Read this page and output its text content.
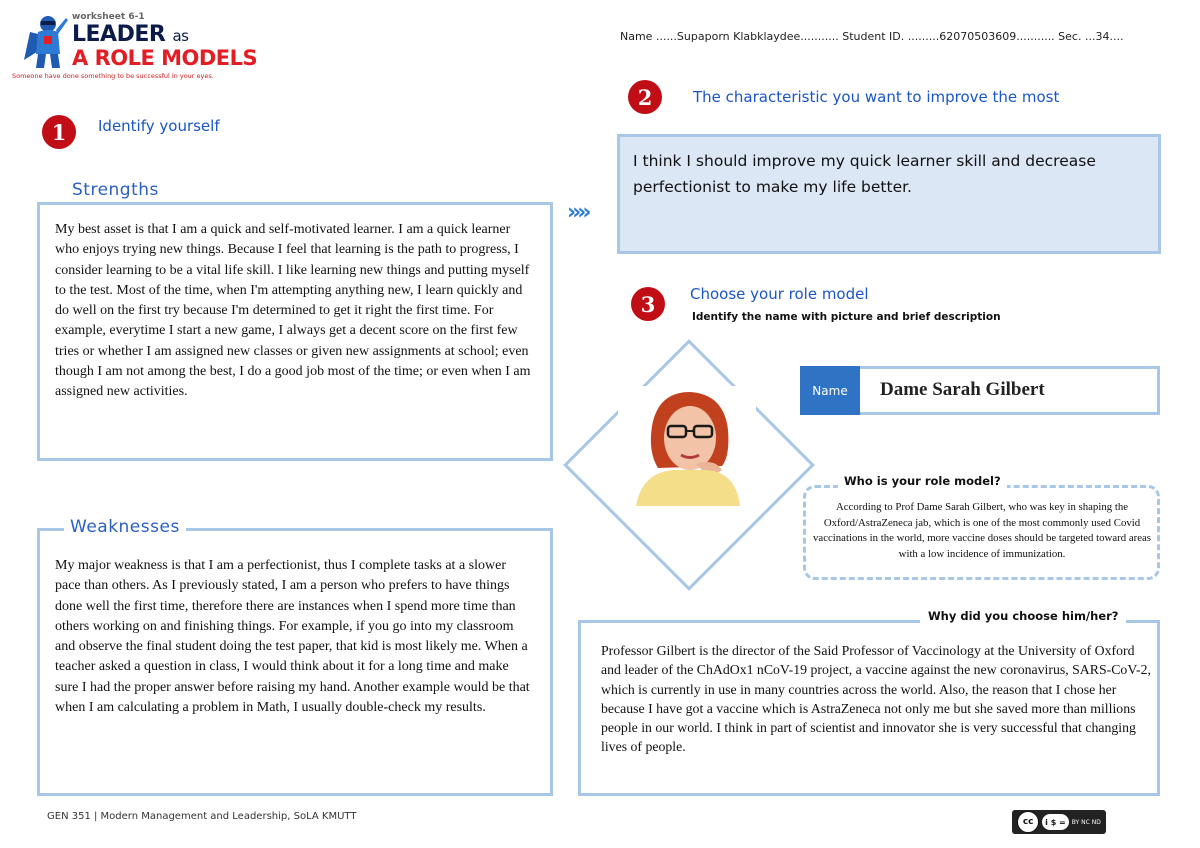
worksheet 6-1
LEADER as
A ROLE MODELS
Someone have done something to be successful in your eyes.
Name ......Supaporn Klabklaydee........... Student ID. .........62070503609........... Sec. ...34....
1	Identify yourself
Strengths
My best asset is that I am a quick and self-motivated learner. I am a quick learner who enjoys trying new things. Because I feel that learning is the path to progress, I consider learning to be a vital life skill. I like learning new things and putting myself to the test. Most of the time, when I'm attempting anything new, I learn quickly and do well on the first try because I'm determined to get it right the first time. For example, everytime I start a new game, I always get a decent score on the first few tries or whether I am assigned new classes or given new assignments at school; even though I am not among the best, I do a good job most of the time; or even when I am assigned new activities.
Weaknesses
My major weakness is that I am a perfectionist, thus I complete tasks at a slower pace than others. As I previously stated, I am a person who prefers to have things done well the first time, therefore there are instances when I spend more time than others working on and finishing things. For example, if you go into my classroom and observe the final student doing the test paper, that kid is most likely me. When a teacher asked a question in class, I would think about it for a long time and make sure I had the proper answer before raising my hand. Another example would be that when I am calculating a problem in Math, I usually double-check my results.
»»
2	The characteristic you want to improve the most
I think I should improve my quick learner skill and decrease perfectionist to make my life better.
3	Choose your role model
Identify the name with picture and brief description
Name	Dame Sarah Gilbert
Who is your role model?
According to Prof Dame Sarah Gilbert, who was key in shaping the Oxford/AstraZeneca jab, which is one of the most commonly used Covid vaccinations in the world, more vaccine doses should be targeted toward areas with a low incidence of immunization.
Why did you choose him/her?
Professor Gilbert is the director of the Said Professor of Vaccinology at the University of Oxford and leader of the ChAdOx1 nCoV-19 project, a vaccine against the new coronavirus, SARS-CoV-2, which is currently in use in many countries across the world. Also, the reason that I chose her because I have got a vaccine which is AstraZeneca not only me but she saved more than millions people in our world. I think in part of scientist and innovator she is very successful that changing lives of people.
GEN 351 | Modern Management and Leadership, SoLA KMUTT	cc	i $ =	BY NC ND
